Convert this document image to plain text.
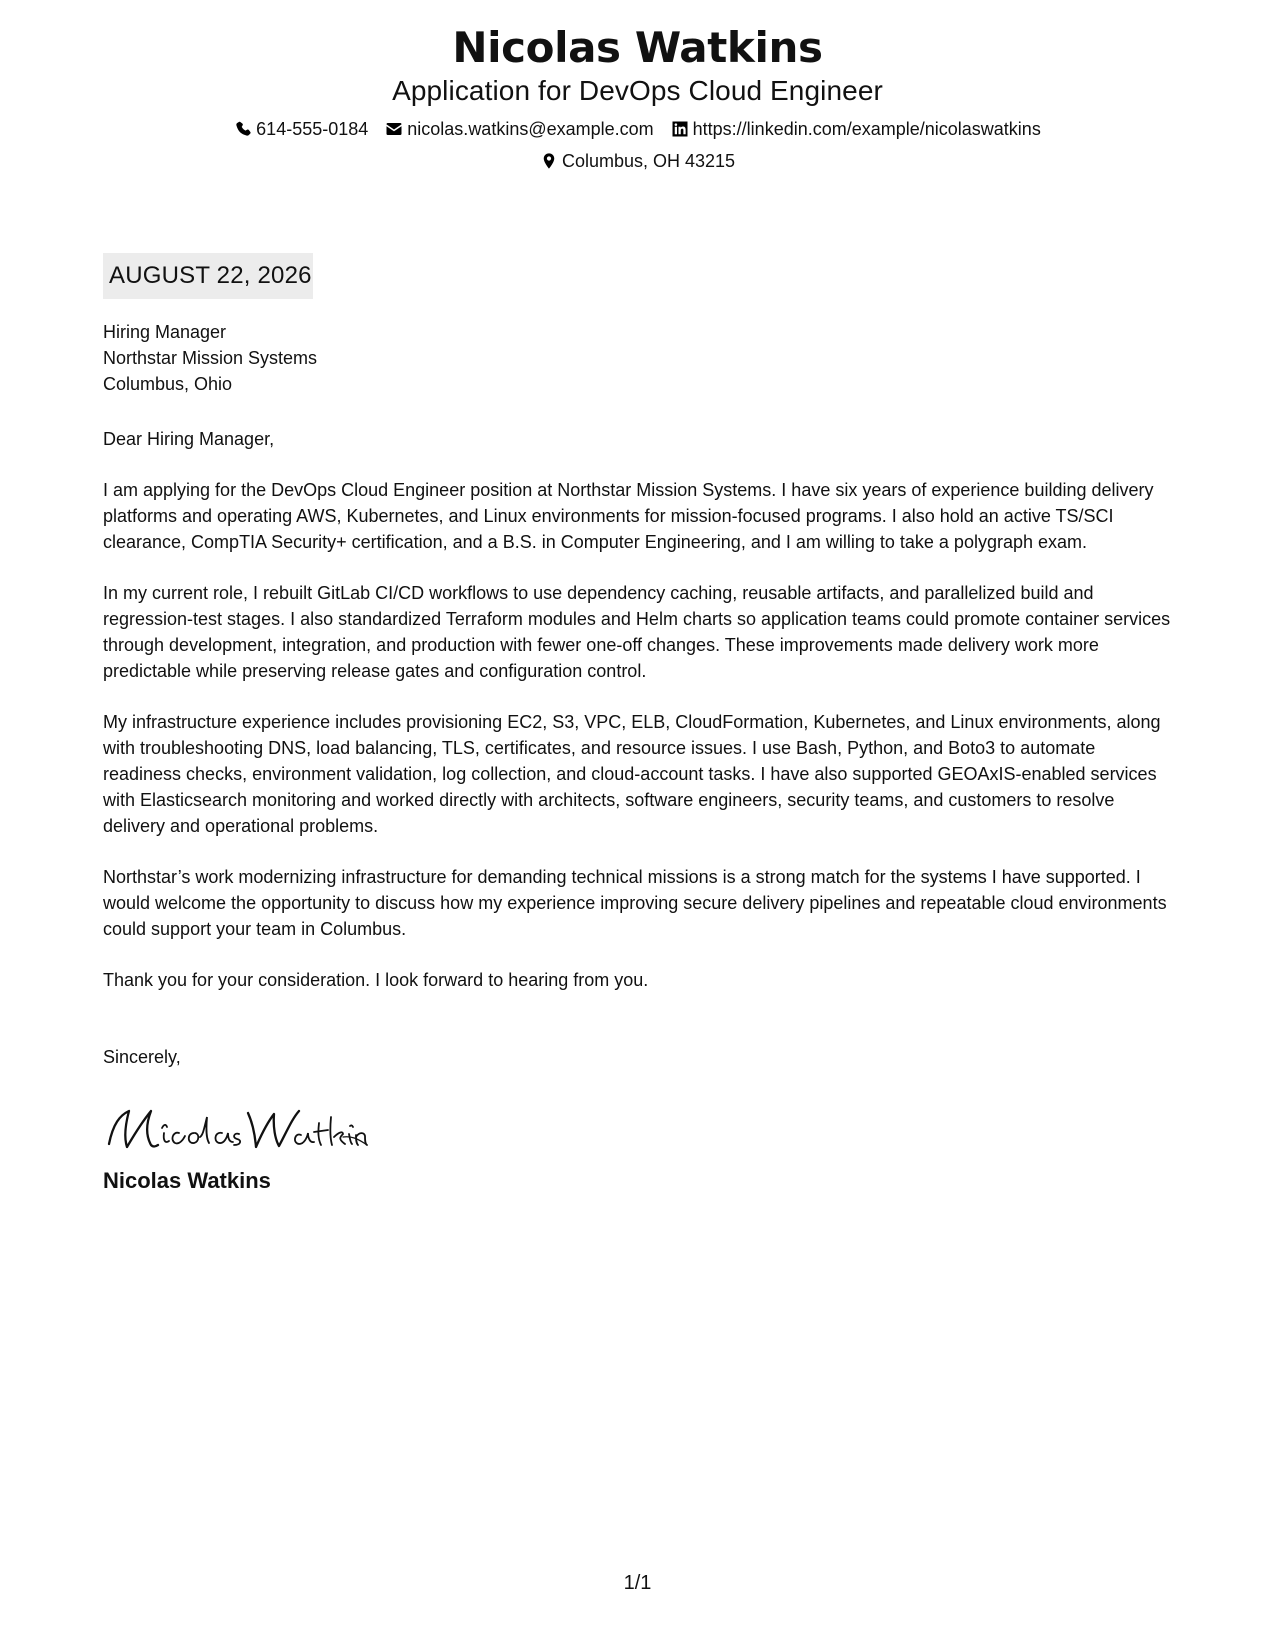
Nicolas Watkins
Application for DevOps Cloud Engineer
614-555-0184 nicolas.watkins@example.com https://linkedin.com/example/nicolaswatkins
Columbus, OH 43215
AUGUST 22, 2026
Hiring Manager
Northstar Mission Systems
Columbus, Ohio
Dear Hiring Manager,

I am applying for the DevOps Cloud Engineer position at Northstar Mission Systems. I have six years of experience building delivery platforms and operating AWS, Kubernetes, and Linux environments for mission-focused programs. I also hold an active TS/SCI clearance, CompTIA Security+ certification, and a B.S. in Computer Engineering, and I am willing to take a polygraph exam.

In my current role, I rebuilt GitLab CI/CD workflows to use dependency caching, reusable artifacts, and parallelized build and regression-test stages. I also standardized Terraform modules and Helm charts so application teams could promote container services through development, integration, and production with fewer one-off changes. These improvements made delivery work more predictable while preserving release gates and configuration control.

My infrastructure experience includes provisioning EC2, S3, VPC, ELB, CloudFormation, Kubernetes, and Linux environments, along with troubleshooting DNS, load balancing, TLS, certificates, and resource issues. I use Bash, Python, and Boto3 to automate readiness checks, environment validation, log collection, and cloud-account tasks. I have also supported GEOAxIS-enabled services with Elasticsearch monitoring and worked directly with architects, software engineers, security teams, and customers to resolve delivery and operational problems.

Northstar’s work modernizing infrastructure for demanding technical missions is a strong match for the systems I have supported. I would welcome the opportunity to discuss how my experience improving secure delivery pipelines and repeatable cloud environments could support your team in Columbus.

Thank you for your consideration. I look forward to hearing from you.

Sincerely,
Nicolas Watkins
1/1
